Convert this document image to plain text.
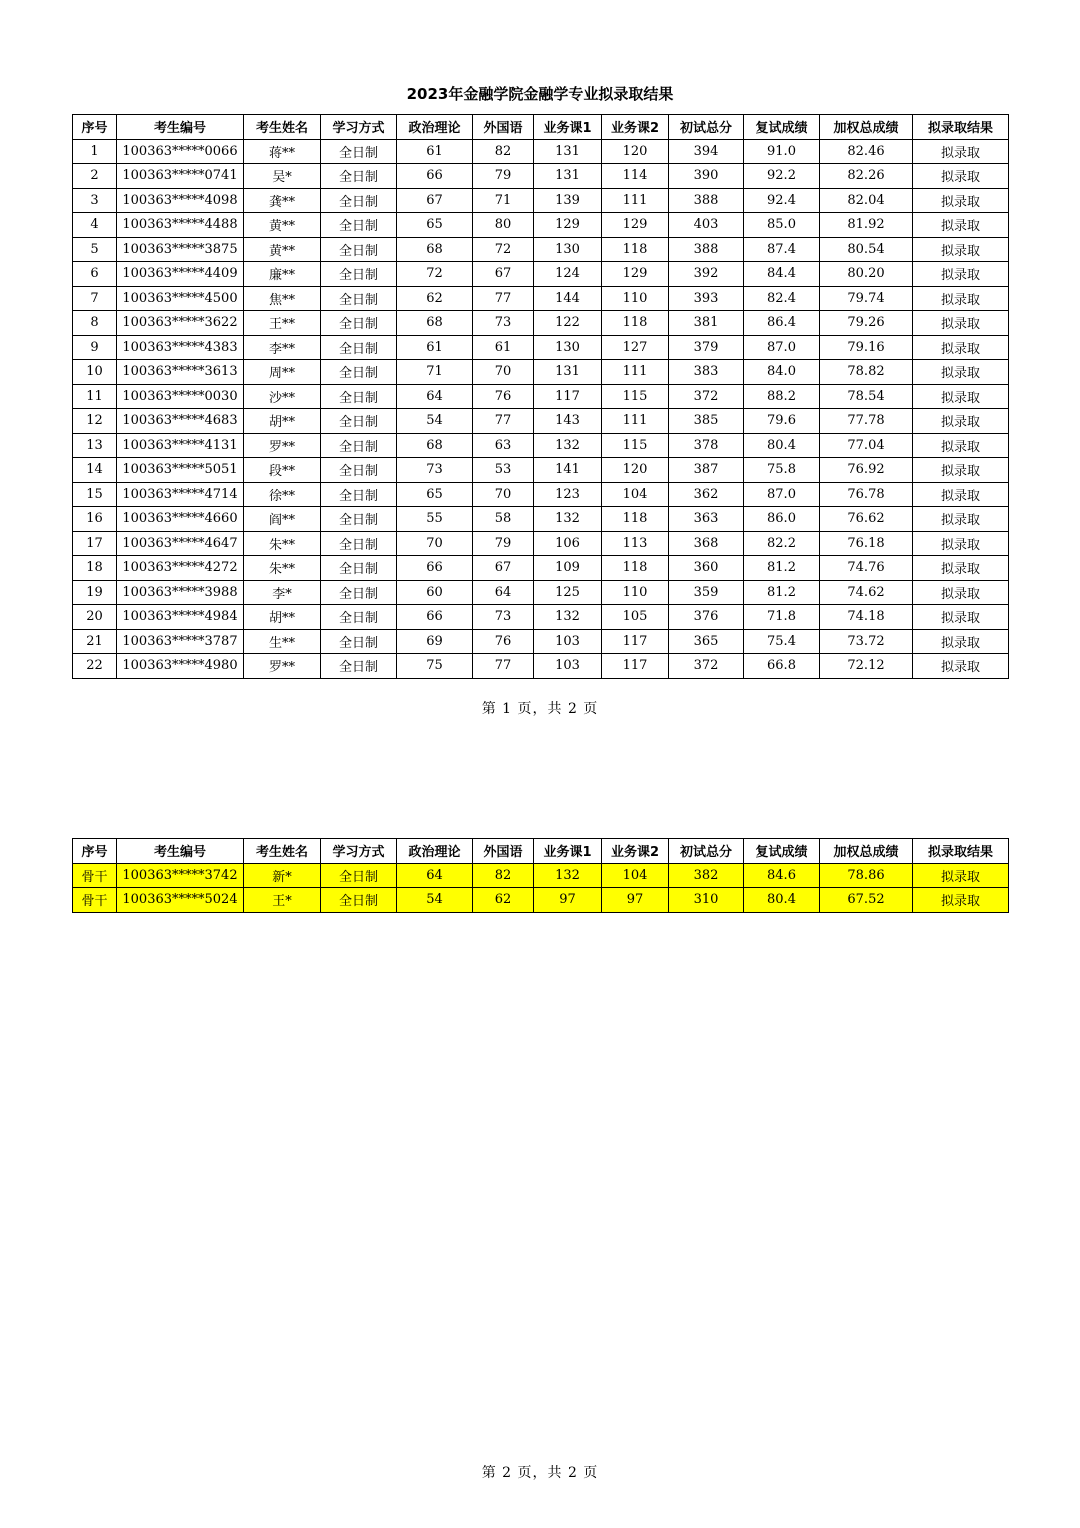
2023年金融学院金融学专业拟录取结果
序号	考生编号	考生姓名	学习方式	政治理论	外国语	业务课1	业务课2	初试总分	复试成绩	加权总成绩	拟录取结果
1	100363*****0066	蒋**	全日制	61	82	131	120	394	91.0	82.46	拟录取
2	100363*****0741	吴*	全日制	66	79	131	114	390	92.2	82.26	拟录取
3	100363*****4098	龚**	全日制	67	71	139	111	388	92.4	82.04	拟录取
4	100363*****4488	黄**	全日制	65	80	129	129	403	85.0	81.92	拟录取
5	100363*****3875	黄**	全日制	68	72	130	118	388	87.4	80.54	拟录取
6	100363*****4409	廉**	全日制	72	67	124	129	392	84.4	80.20	拟录取
7	100363*****4500	焦**	全日制	62	77	144	110	393	82.4	79.74	拟录取
8	100363*****3622	王**	全日制	68	73	122	118	381	86.4	79.26	拟录取
9	100363*****4383	李**	全日制	61	61	130	127	379	87.0	79.16	拟录取
10	100363*****3613	周**	全日制	71	70	131	111	383	84.0	78.82	拟录取
11	100363*****0030	沙**	全日制	64	76	117	115	372	88.2	78.54	拟录取
12	100363*****4683	胡**	全日制	54	77	143	111	385	79.6	77.78	拟录取
13	100363*****4131	罗**	全日制	68	63	132	115	378	80.4	77.04	拟录取
14	100363*****5051	段**	全日制	73	53	141	120	387	75.8	76.92	拟录取
15	100363*****4714	徐**	全日制	65	70	123	104	362	87.0	76.78	拟录取
16	100363*****4660	阎**	全日制	55	58	132	118	363	86.0	76.62	拟录取
17	100363*****4647	朱**	全日制	70	79	106	113	368	82.2	76.18	拟录取
18	100363*****4272	朱**	全日制	66	67	109	118	360	81.2	74.76	拟录取
19	100363*****3988	李*	全日制	60	64	125	110	359	81.2	74.62	拟录取
20	100363*****4984	胡**	全日制	66	73	132	105	376	71.8	74.18	拟录取
21	100363*****3787	生**	全日制	69	76	103	117	365	75.4	73.72	拟录取
22	100363*****4980	罗**	全日制	75	77	103	117	372	66.8	72.12	拟录取
第 1 页，共 2 页
序号	考生编号	考生姓名	学习方式	政治理论	外国语	业务课1	业务课2	初试总分	复试成绩	加权总成绩	拟录取结果
骨干	100363*****3742	新*	全日制	64	82	132	104	382	84.6	78.86	拟录取
骨干	100363*****5024	王*	全日制	54	62	97	97	310	80.4	67.52	拟录取
第 2 页，共 2 页
